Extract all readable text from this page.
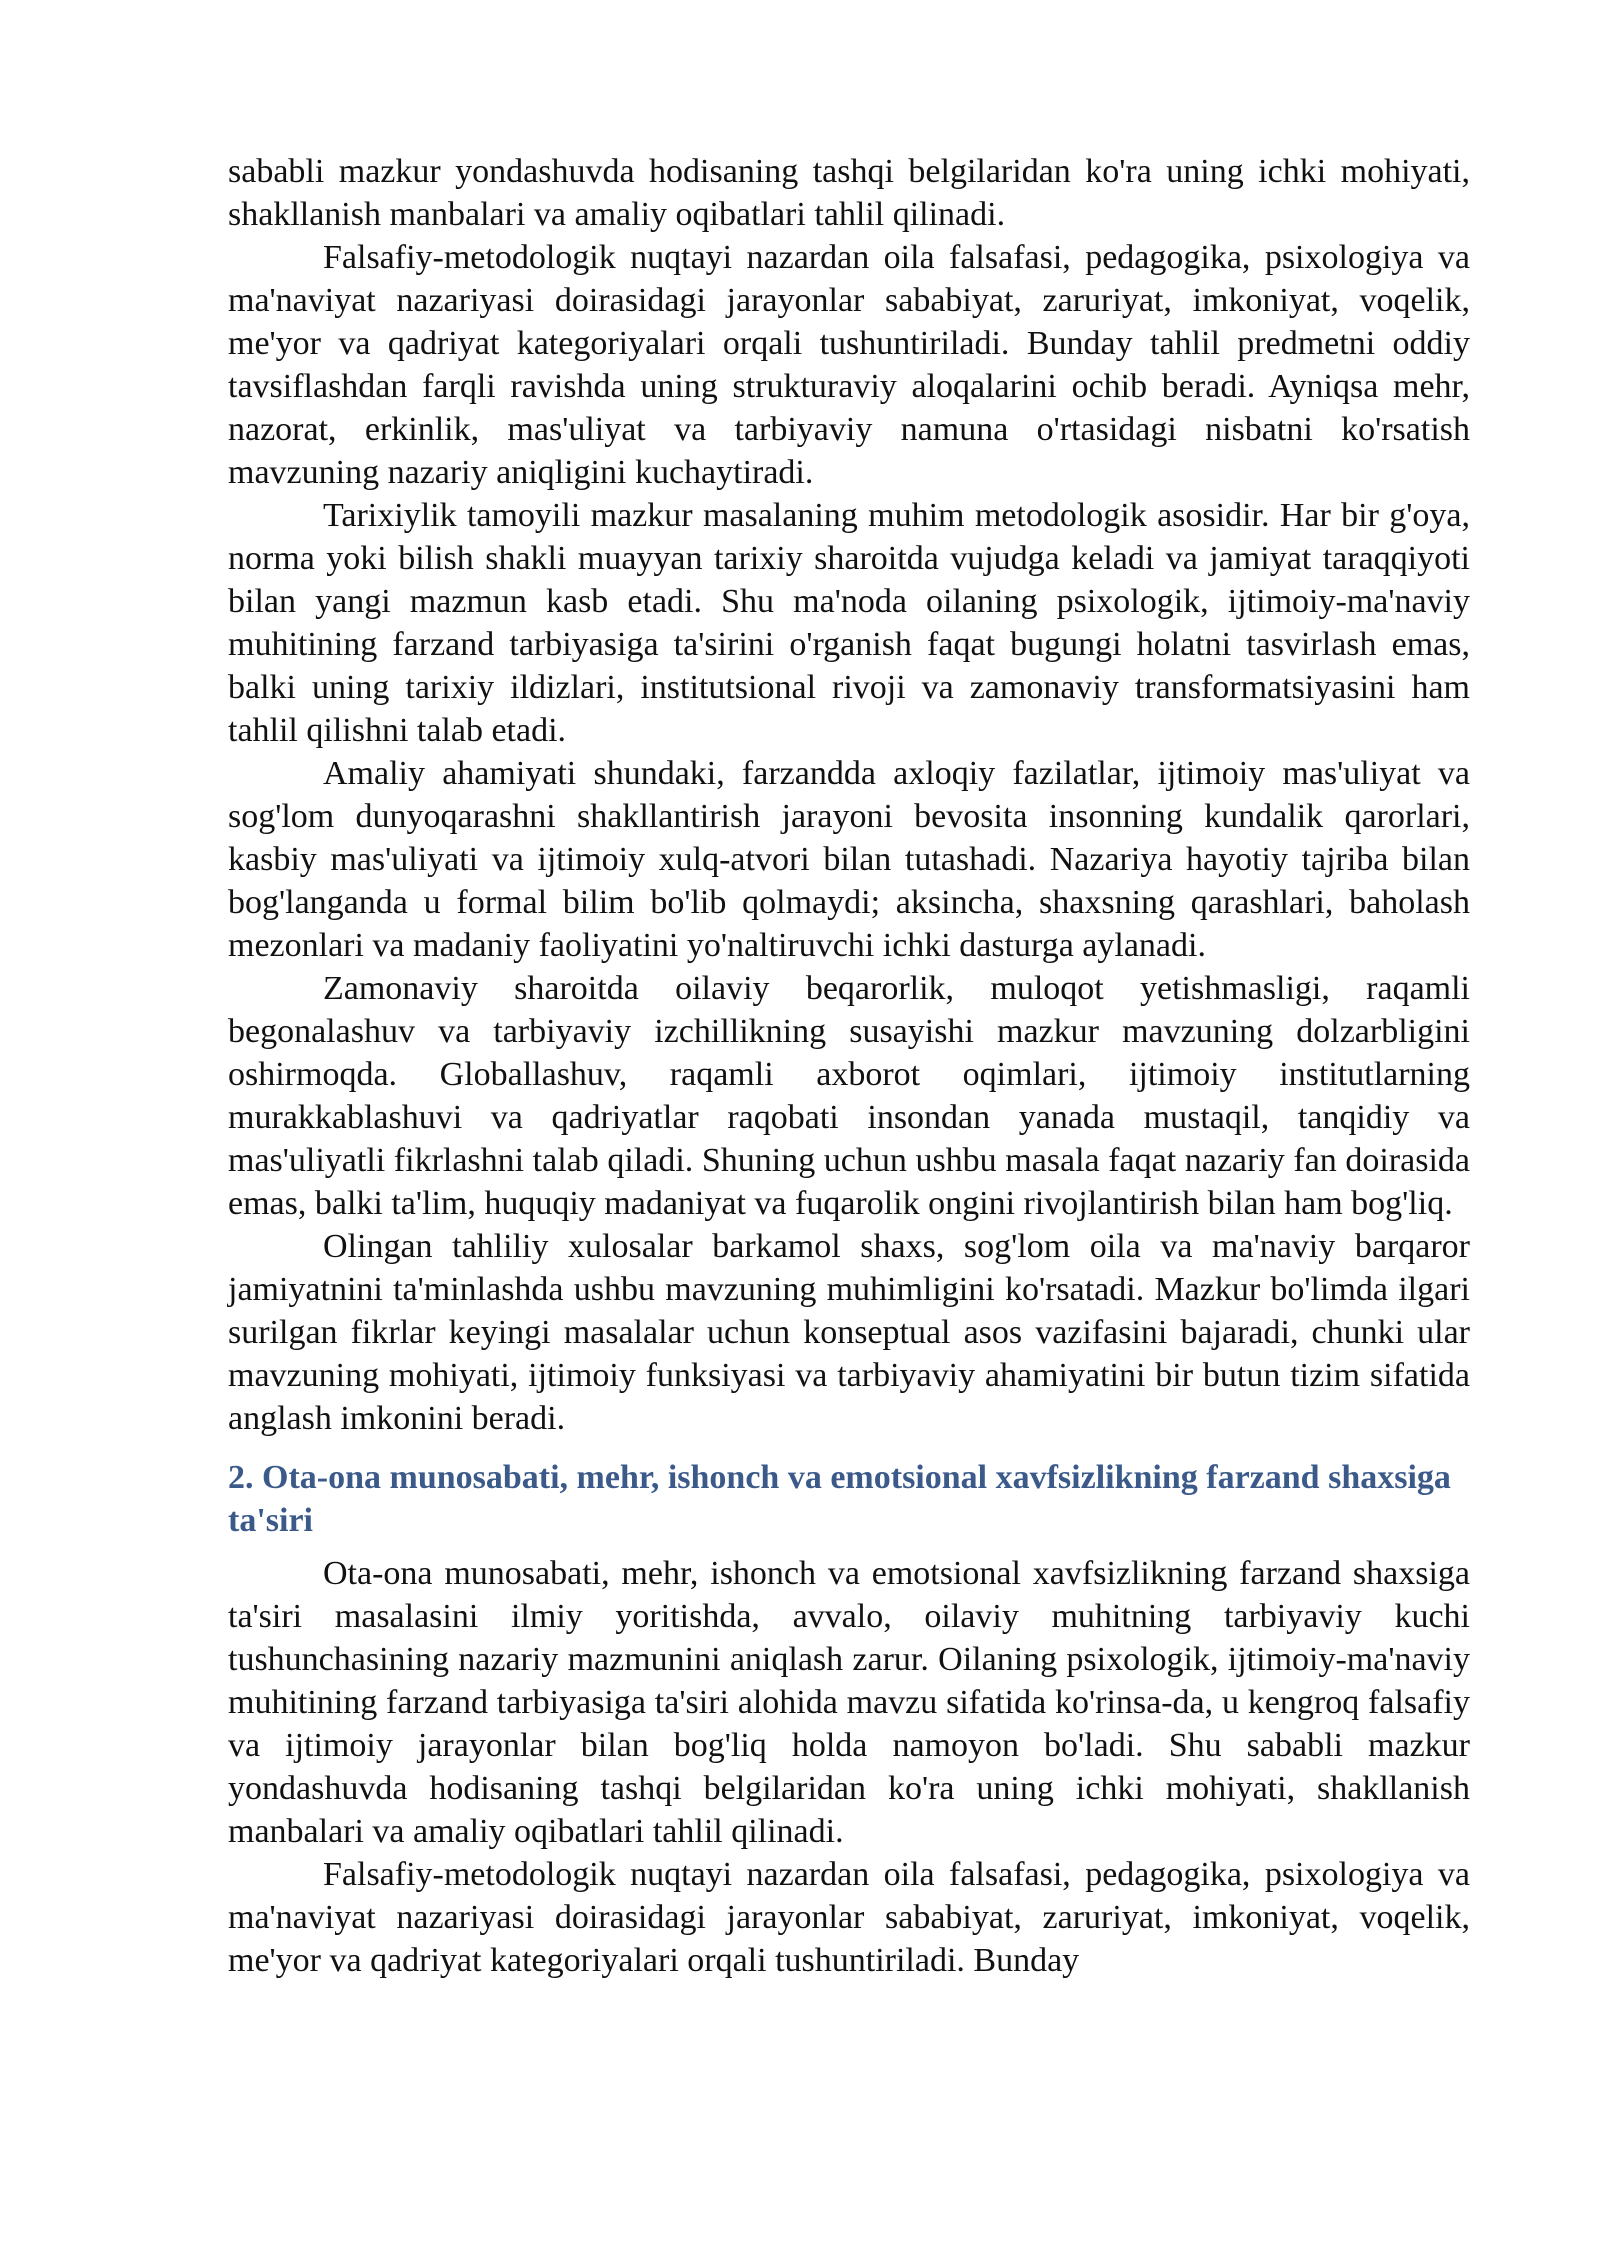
sababli mazkur yondashuvda hodisaning tashqi belgilaridan ko'ra uning ichki mohiyati, shakllanish manbalari va amaliy oqibatlari tahlil qilinadi.

Falsafiy-metodologik nuqtayi nazardan oila falsafasi, pedagogika, psixologiya va ma'naviyat nazariyasi doirasidagi jarayonlar sababiyat, zaruriyat, imkoniyat, voqelik, me'yor va qadriyat kategoriyalari orqali tushuntiriladi. Bunday tahlil predmetni oddiy tavsiflashdan farqli ravishda uning strukturaviy aloqalarini ochib beradi. Ayniqsa mehr, nazorat, erkinlik, mas'uliyat va tarbiyaviy namuna o'rtasidagi nisbatni ko'rsatish mavzuning nazariy aniqligini kuchaytiradi.

Tarixiylik tamoyili mazkur masalaning muhim metodologik asosidir. Har bir g'oya, norma yoki bilish shakli muayyan tarixiy sharoitda vujudga keladi va jamiyat taraqqiyoti bilan yangi mazmun kasb etadi. Shu ma'noda oilaning psixologik, ijtimoiy-ma'naviy muhitining farzand tarbiyasiga ta'sirini o'rganish faqat bugungi holatni tasvirlash emas, balki uning tarixiy ildizlari, institutsional rivoji va zamonaviy transformatsiyasini ham tahlil qilishni talab etadi.

Amaliy ahamiyati shundaki, farzandda axloqiy fazilatlar, ijtimoiy mas'uliyat va sog'lom dunyoqarashni shakllantirish jarayoni bevosita insonning kundalik qarorlari, kasbiy mas'uliyati va ijtimoiy xulq-atvori bilan tutashadi. Nazariya hayotiy tajriba bilan bog'langanda u formal bilim bo'lib qolmaydi; aksincha, shaxsning qarashlari, baholash mezonlari va madaniy faoliyatini yo'naltiruvchi ichki dasturga aylanadi.

Zamonaviy sharoitda oilaviy beqarorlik, muloqot yetishmasligi, raqamli begonalashuv va tarbiyaviy izchillikning susayishi mazkur mavzuning dolzarbligini oshirmoqda. Globallashuv, raqamli axborot oqimlari, ijtimoiy institutlarning murakkablashuvi va qadriyatlar raqobati insondan yanada mustaqil, tanqidiy va mas'uliyatli fikrlashni talab qiladi. Shuning uchun ushbu masala faqat nazariy fan doirasida emas, balki ta'lim, huquqiy madaniyat va fuqarolik ongini rivojlantirish bilan ham bog'liq.

Olingan tahliliy xulosalar barkamol shaxs, sog'lom oila va ma'naviy barqaror jamiyatnini ta'minlashda ushbu mavzuning muhimligini ko'rsatadi. Mazkur bo'limda ilgari surilgan fikrlar keyingi masalalar uchun konseptual asos vazifasini bajaradi, chunki ular mavzuning mohiyati, ijtimoiy funksiyasi va tarbiyaviy ahamiyatini bir butun tizim sifatida anglash imkonini beradi.

2. Ota-ona munosabati, mehr, ishonch va emotsional xavfsizlikning farzand shaxsiga ta'siri

Ota-ona munosabati, mehr, ishonch va emotsional xavfsizlikning farzand shaxsiga ta'siri masalasini ilmiy yoritishda, avvalo, oilaviy muhitning tarbiyaviy kuchi tushunchasining nazariy mazmunini aniqlash zarur. Oilaning psixologik, ijtimoiy-ma'naviy muhitining farzand tarbiyasiga ta'siri alohida mavzu sifatida ko'rinsa-da, u kengroq falsafiy va ijtimoiy jarayonlar bilan bog'liq holda namoyon bo'ladi. Shu sababli mazkur yondashuvda hodisaning tashqi belgilaridan ko'ra uning ichki mohiyati, shakllanish manbalari va amaliy oqibatlari tahlil qilinadi.

Falsafiy-metodologik nuqtayi nazardan oila falsafasi, pedagogika, psixologiya va ma'naviyat nazariyasi doirasidagi jarayonlar sababiyat, zaruriyat, imkoniyat, voqelik, me'yor va qadriyat kategoriyalari orqali tushuntiriladi. Bunday
